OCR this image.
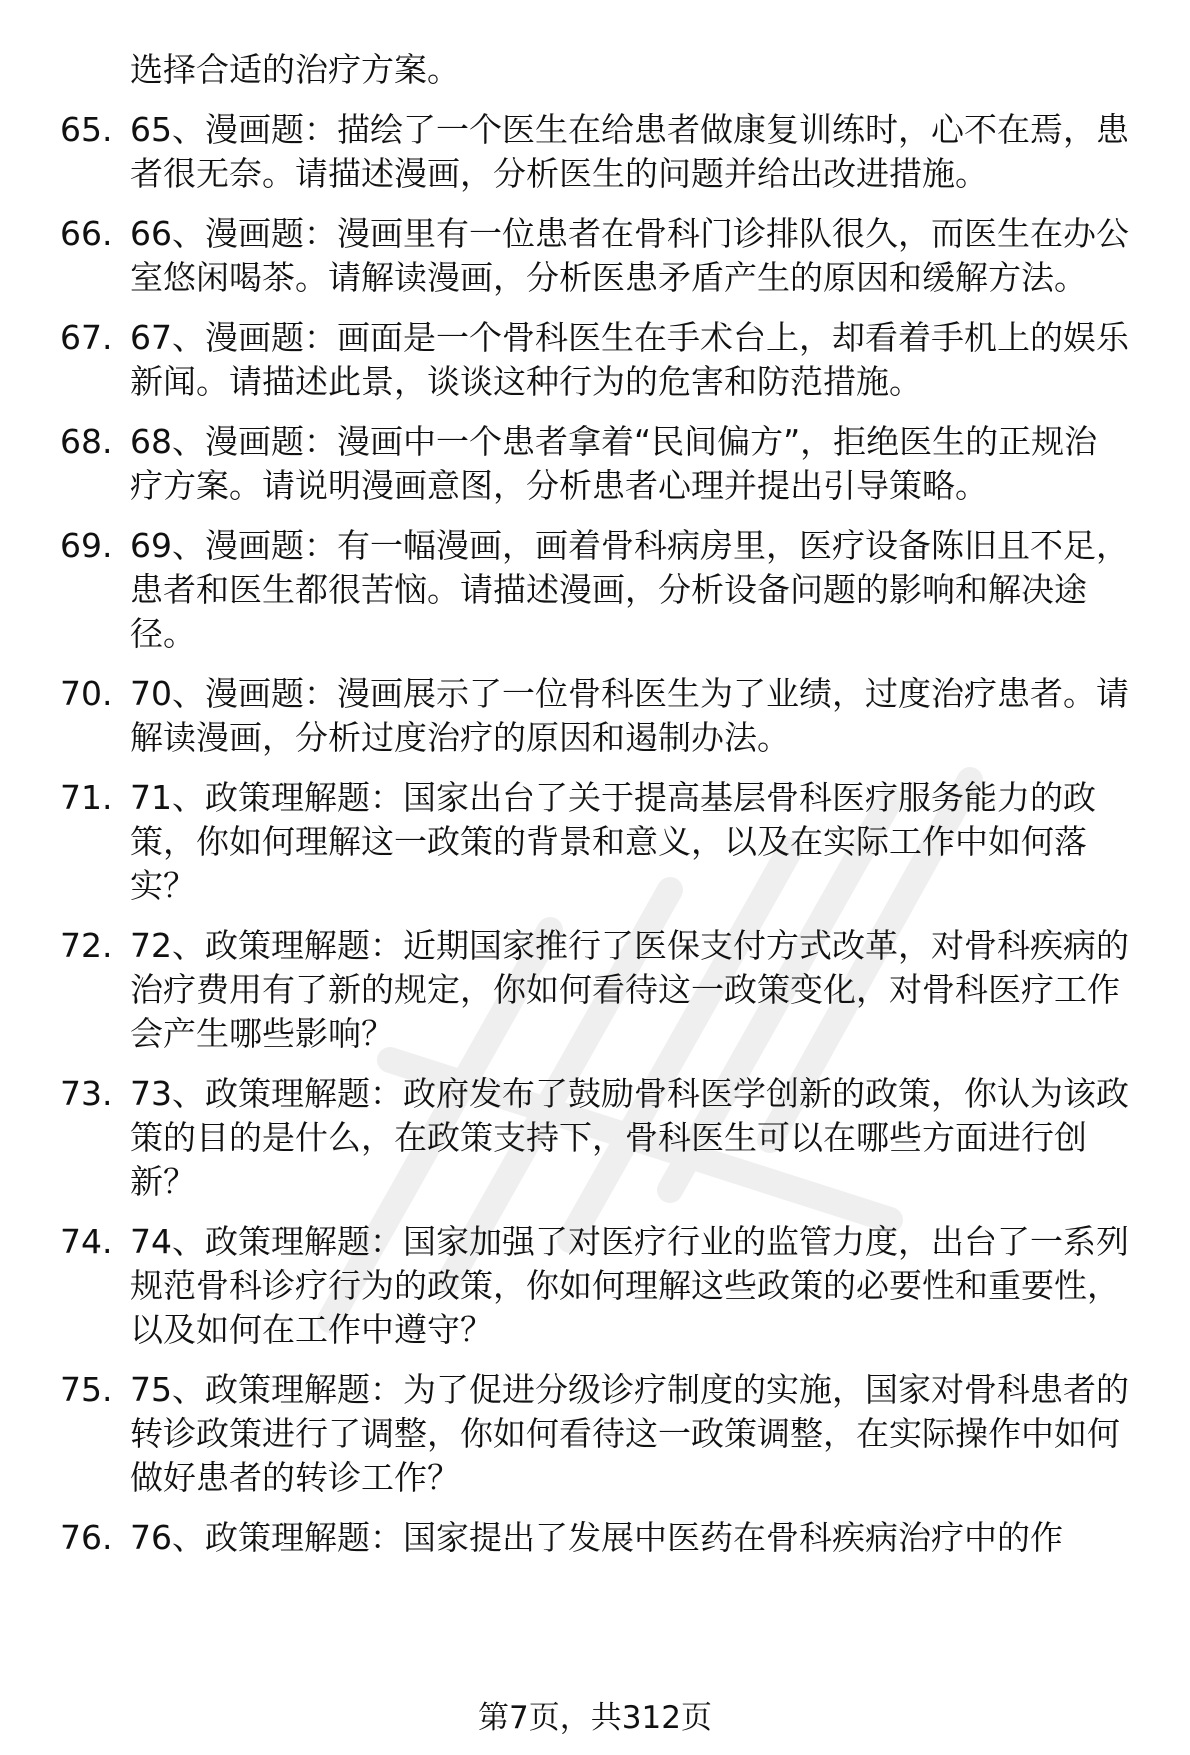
选择合适的治疗方案。
65. 65、漫画题：描绘了一个医生在给患者做康复训练时，心不在焉，患者很无奈。请描述漫画，分析医生的问题并给出改进措施。
66. 66、漫画题：漫画里有一位患者在骨科门诊排队很久，而医生在办公室悠闲喝茶。请解读漫画，分析医患矛盾产生的原因和缓解方法。
67. 67、漫画题：画面是一个骨科医生在手术台上，却看着手机上的娱乐新闻。请描述此景，谈谈这种行为的危害和防范措施。
68. 68、漫画题：漫画中一个患者拿着“民间偏方”，拒绝医生的正规治疗方案。请说明漫画意图，分析患者心理并提出引导策略。
69. 69、漫画题：有一幅漫画，画着骨科病房里，医疗设备陈旧且不足，患者和医生都很苦恼。请描述漫画，分析设备问题的影响和解决途径。
70. 70、漫画题：漫画展示了一位骨科医生为了业绩，过度治疗患者。请解读漫画，分析过度治疗的原因和遏制办法。
71. 71、政策理解题：国家出台了关于提高基层骨科医疗服务能力的政策，你如何理解这一政策的背景和意义，以及在实际工作中如何落实？
72. 72、政策理解题：近期国家推行了医保支付方式改革，对骨科疾病的治疗费用有了新的规定，你如何看待这一政策变化，对骨科医疗工作会产生哪些影响？
73. 73、政策理解题：政府发布了鼓励骨科医学创新的政策，你认为该政策的目的是什么，在政策支持下，骨科医生可以在哪些方面进行创新？
74. 74、政策理解题：国家加强了对医疗行业的监管力度，出台了一系列规范骨科诊疗行为的政策，你如何理解这些政策的必要性和重要性，以及如何在工作中遵守？
75. 75、政策理解题：为了促进分级诊疗制度的实施，国家对骨科患者的转诊政策进行了调整，你如何看待这一政策调整，在实际操作中如何做好患者的转诊工作？
76. 76、政策理解题：国家提出了发展中医药在骨科疾病治疗中的作
第7页，共312页
